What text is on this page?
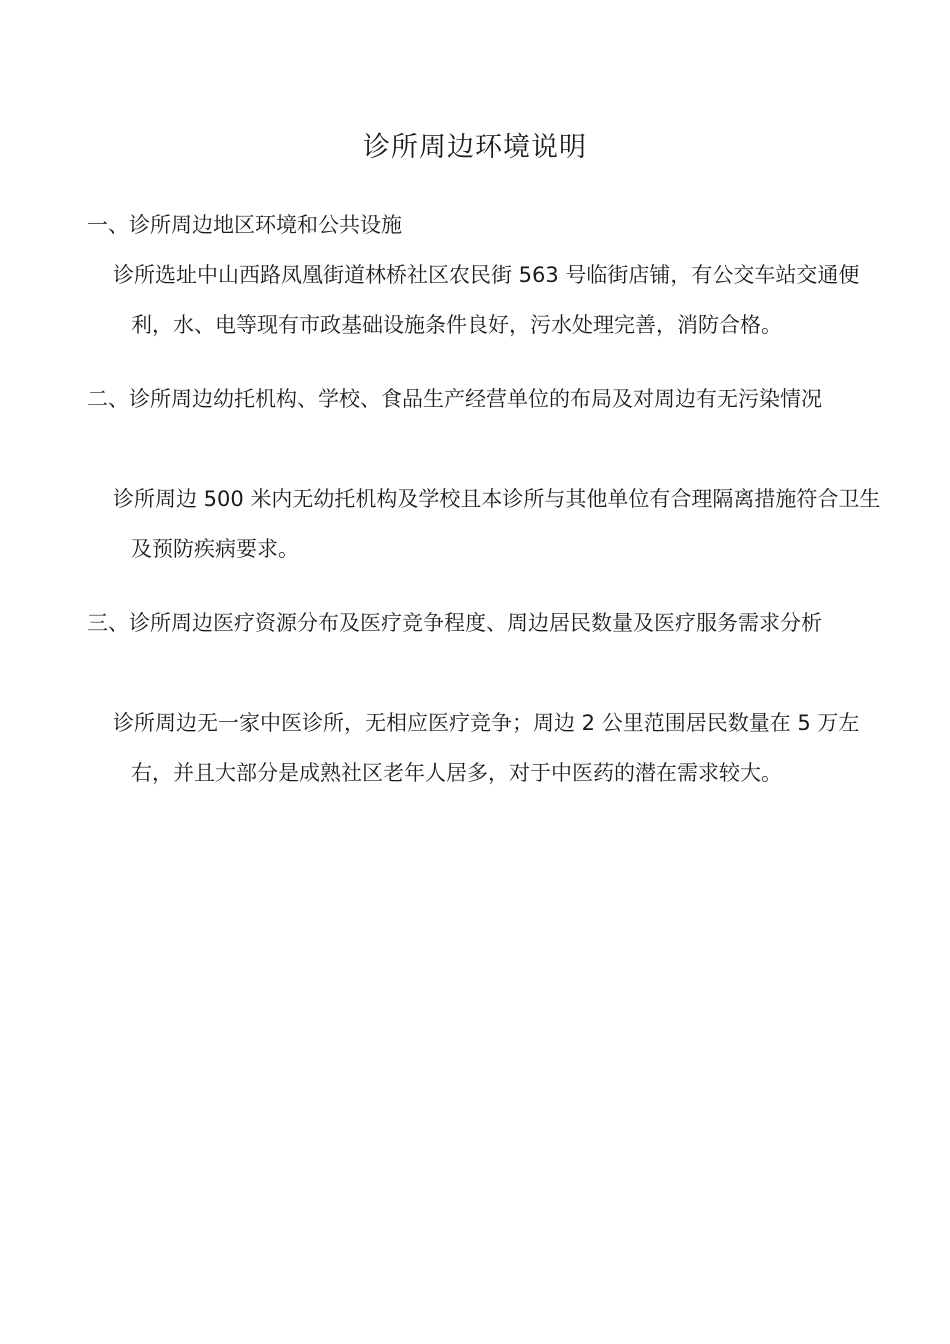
诊所周边环境说明

一、诊所周边地区环境和公共设施

诊所选址中山西路凤凰街道林桥社区农民街 563 号临街店铺，有公交车站交通便利，水、电等现有市政基础设施条件良好，污水处理完善，消防合格。

二、诊所周边幼托机构、学校、食品生产经营单位的布局及对周边有无污染情况

诊所周边 500 米内无幼托机构及学校且本诊所与其他单位有合理隔离措施符合卫生及预防疾病要求。

三、诊所周边医疗资源分布及医疗竞争程度、周边居民数量及医疗服务需求分析

诊所周边无一家中医诊所，无相应医疗竞争；周边 2 公里范围居民数量在 5 万左右，并且大部分是成熟社区老年人居多，对于中医药的潜在需求较大。
